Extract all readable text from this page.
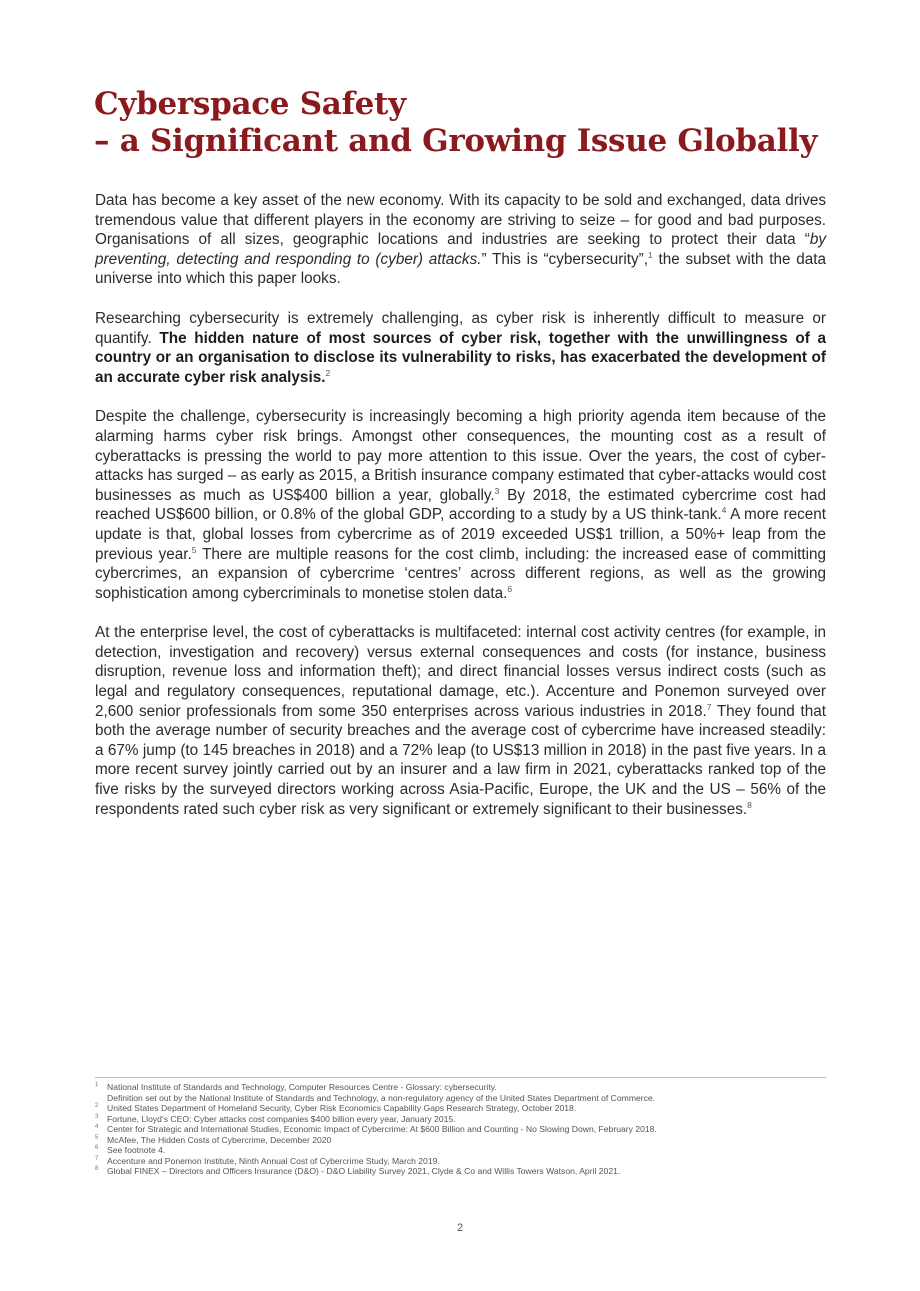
Cyberspace Safety
– a Significant and Growing Issue Globally

Data has become a key asset of the new economy. With its capacity to be sold and exchanged, data drives tremendous value that different players in the economy are striving to seize – for good and bad purposes. Organisations of all sizes, geographic locations and industries are seeking to protect their data “by preventing, detecting and responding to (cyber) attacks.” This is “cybersecurity”,$^1$ the subset with the data universe into which this paper looks.

Researching cybersecurity is extremely challenging, as cyber risk is inherently difficult to measure or quantify. The hidden nature of most sources of cyber risk, together with the unwillingness of a country or an organisation to disclose its vulnerability to risks, has exacerbated the development of an accurate cyber risk analysis.$^2$

Despite the challenge, cybersecurity is increasingly becoming a high priority agenda item because of the alarming harms cyber risk brings. Amongst other consequences, the mounting cost as a result of cyberattacks is pressing the world to pay more attention to this issue. Over the years, the cost of cyber-attacks has surged – as early as 2015, a British insurance company estimated that cyber-attacks would cost businesses as much as US$400 billion a year, globally.$^3$ By 2018, the estimated cybercrime cost had reached US$600 billion, or 0.8% of the global GDP, according to a study by a US think-tank.$^4$ A more recent update is that, global losses from cybercrime as of 2019 exceeded US$1 trillion, a 50%+ leap from the previous year.$^5$ There are multiple reasons for the cost climb, including: the increased ease of committing cybercrimes, an expansion of cybercrime ‘centres’ across different regions, as well as the growing sophistication among cybercriminals to monetise stolen data.$^6$

At the enterprise level, the cost of cyberattacks is multifaceted: internal cost activity centres (for example, in detection, investigation and recovery) versus external consequences and costs (for instance, business disruption, revenue loss and information theft); and direct financial losses versus indirect costs (such as legal and regulatory consequences, reputational damage, etc.). Accenture and Ponemon surveyed over 2,600 senior professionals from some 350 enterprises across various industries in 2018.$^7$ They found that both the average number of security breaches and the average cost of cybercrime have increased steadily: a 67% jump (to 145 breaches in 2018) and a 72% leap (to US$13 million in 2018) in the past five years. In a more recent survey jointly carried out by an insurer and a law firm in 2021, cyberattacks ranked top of the five risks by the surveyed directors working across Asia-Pacific, Europe, the UK and the US – 56% of the respondents rated such cyber risk as very significant or extremely significant to their businesses.$^8$

1 National Institute of Standards and Technology, Computer Resources Centre - Glossary: cybersecurity.
Definition set out by the National Institute of Standards and Technology, a non-regulatory agency of the United States Department of Commerce.
2 United States Department of Homeland Security, Cyber Risk Economics Capability Gaps Research Strategy, October 2018.
3 Fortune, Lloyd’s CEO: Cyber attacks cost companies $400 billion every year, January 2015.
4 Center for Strategic and International Studies, Economic Impact of Cybercrime: At $600 Billion and Counting - No Slowing Down, February 2018.
5 McAfee, The Hidden Costs of Cybercrime, December 2020
6 See footnote 4.
7 Accenture and Ponemon Institute, Ninth Annual Cost of Cybercrime Study, March 2019.
8 Global FINEX – Directors and Officers Insurance (D&O) - D&O Liability Survey 2021, Clyde & Co and Willis Towers Watson, April 2021.
2
